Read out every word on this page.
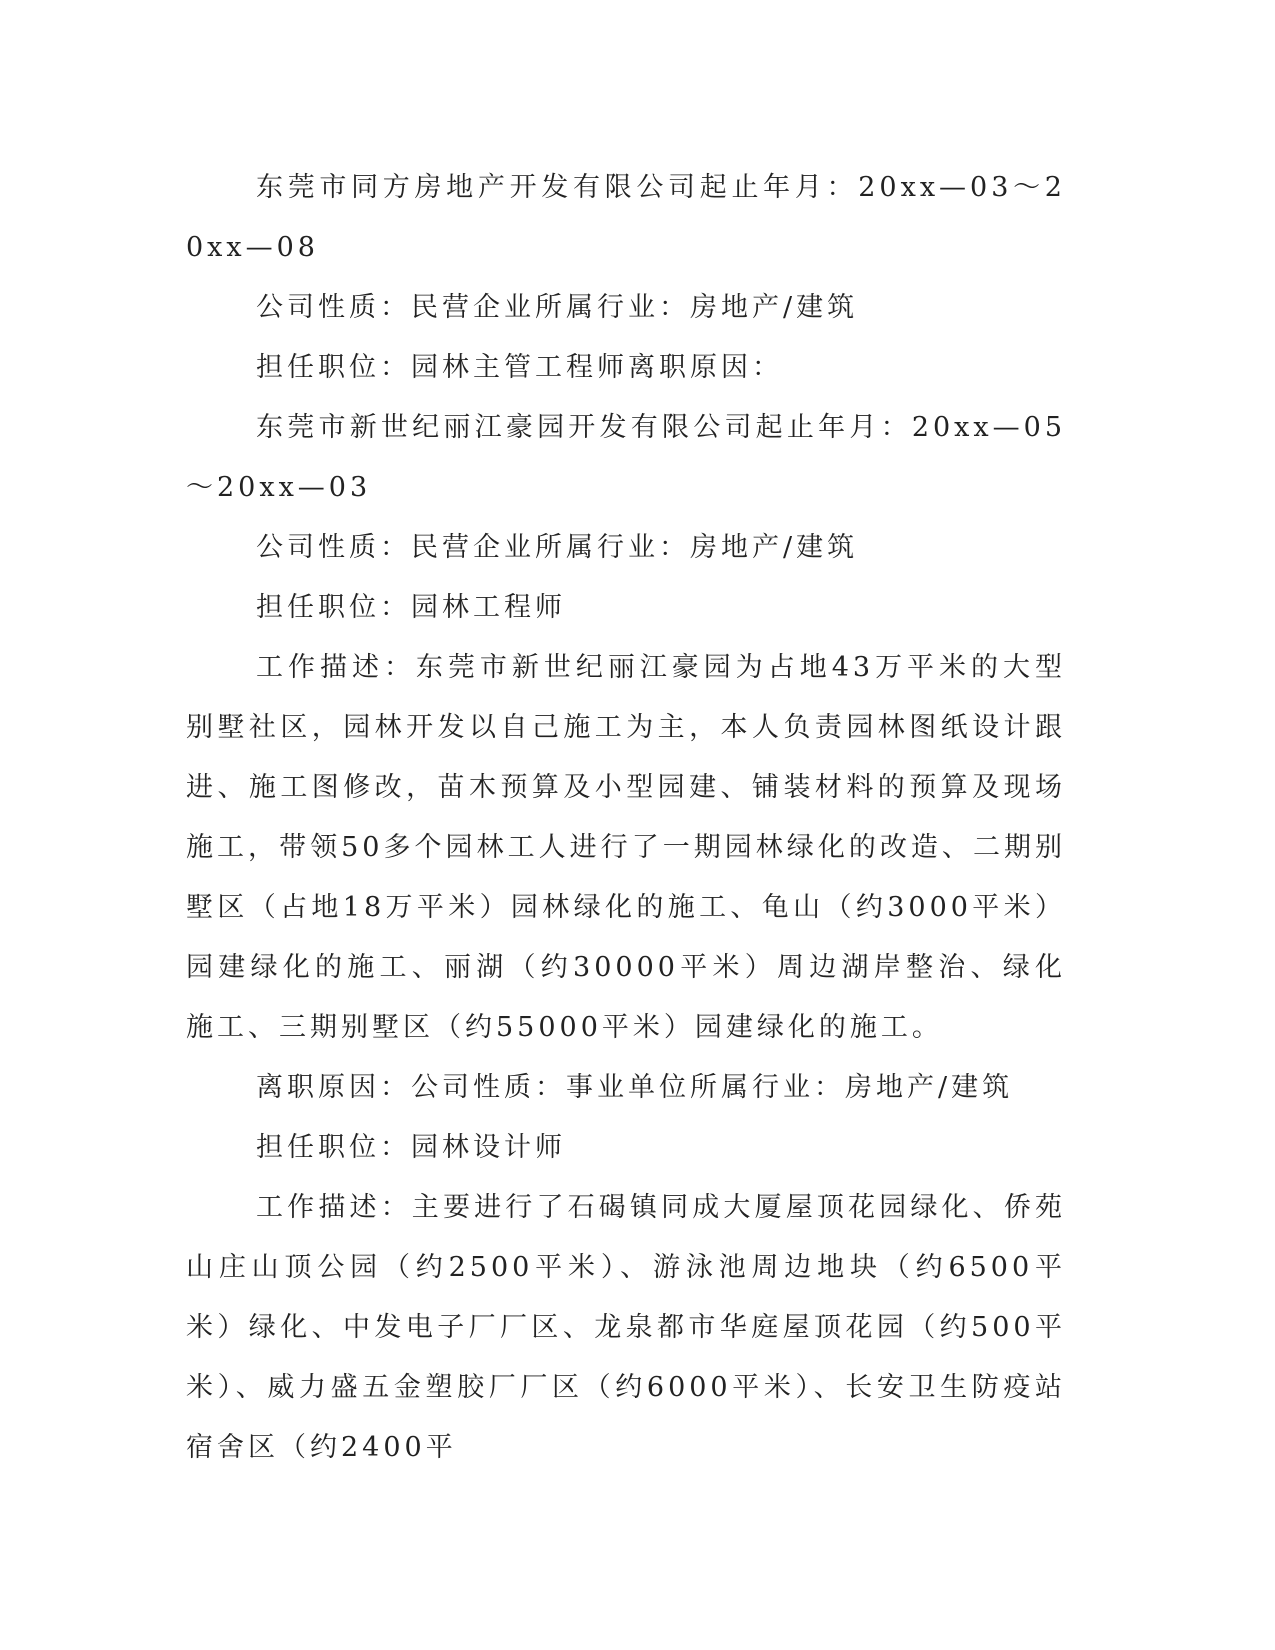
东莞市同方房地产开发有限公司起止年月：20xx—03～20xx—08

公司性质：民营企业所属行业：房地产/建筑

担任职位：园林主管工程师离职原因：

东莞市新世纪丽江豪园开发有限公司起止年月：20xx—05～20xx—03

公司性质：民营企业所属行业：房地产/建筑

担任职位：园林工程师

工作描述：东莞市新世纪丽江豪园为占地43万平米的大型别墅社区，园林开发以自己施工为主，本人负责园林图纸设计跟进、施工图修改，苗木预算及小型园建、铺装材料的预算及现场施工，带领50多个园林工人进行了一期园林绿化的改造、二期别墅区（占地18万平米）园林绿化的施工、龟山（约3000平米）园建绿化的施工、丽湖（约30000平米）周边湖岸整治、绿化施工、三期别墅区（约55000平米）园建绿化的施工。

离职原因：公司性质：事业单位所属行业：房地产/建筑

担任职位：园林设计师

工作描述：主要进行了石碣镇同成大厦屋顶花园绿化、侨苑山庄山顶公园（约2500平米）、游泳池周边地块（约6500平米）绿化、中发电子厂厂区、龙泉都市华庭屋顶花园（约500平米）、威力盛五金塑胶厂厂区（约6000平米）、长安卫生防疫站宿舍区（约2400平
